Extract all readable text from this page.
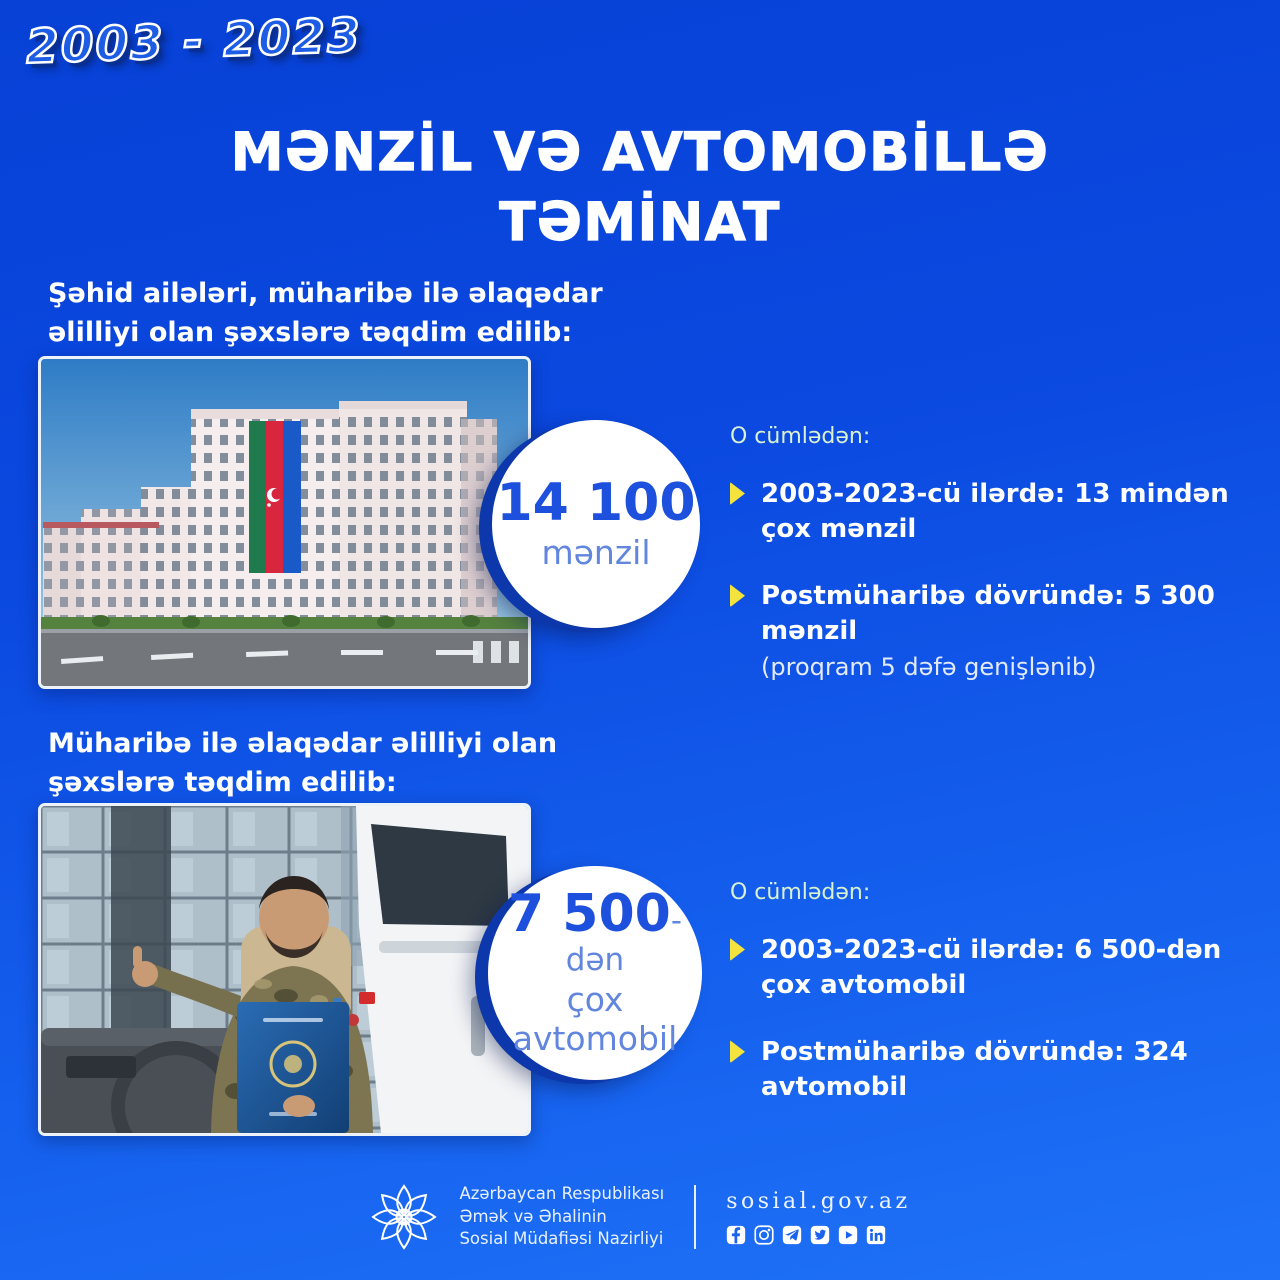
2003 - 2023
MƏNZİL VƏ AVTOMOBİLLƏ
TƏMİNAT
Şəhid ailələri, müharibə ilə əlaqədar əlilliyi olan şəxslərə təqdim edilib:
14 100
mənzil

O cümlədən:

2003-2023-cü ilərdə: 13 mindən çox mənzil
Postmüharibə dövründə: 5 300 mənzil
(proqram 5 dəfə genişlənib)
Müharibə ilə əlaqədar əlilliyi olan şəxslərə təqdim edilib:
7 500-dən
çox avtomobil

O cümlədən:

2003-2023-cü ilərdə: 6 500-dən çox avtomobil
Postmüharibə dövründə: 324 avtomobil
Azərbaycan Respublikası
Əmək və Əhalinin
Sosial Müdafiəsi Nazirliyi
sosial.gov.az
